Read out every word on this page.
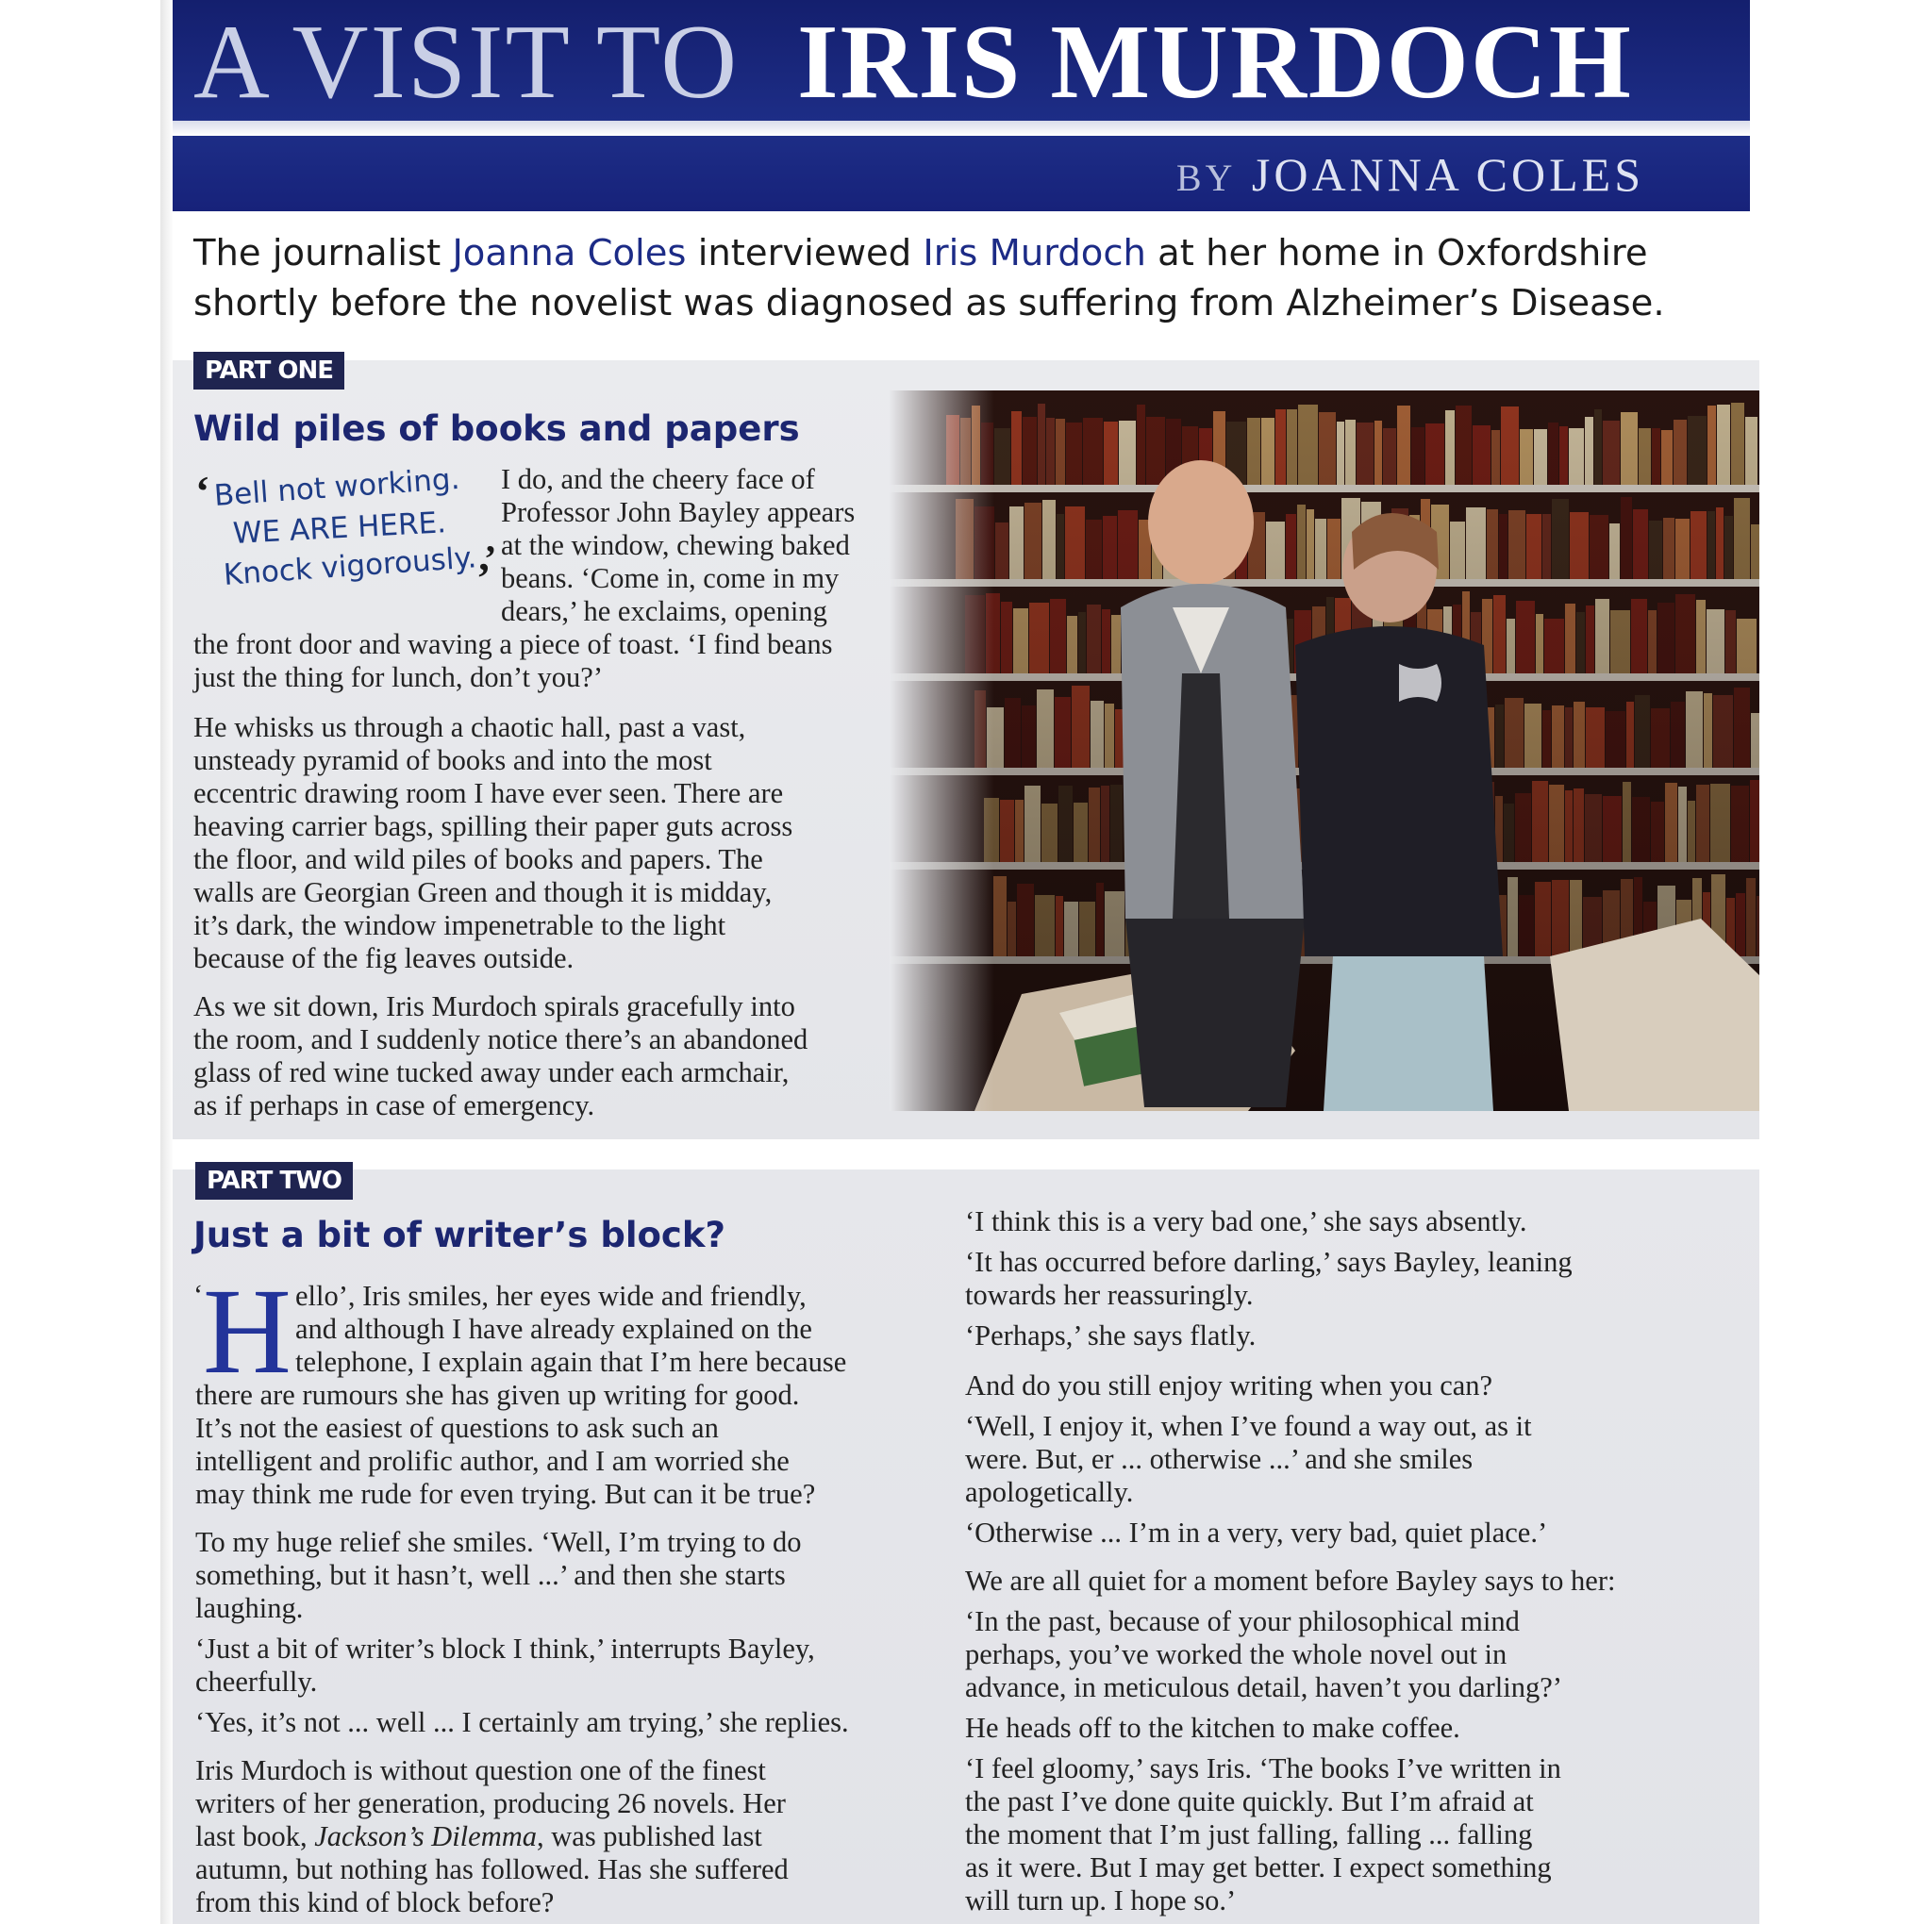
A VISIT TO IRIS MURDOCH
BY JOANNA COLES
The journalist Joanna Coles interviewed Iris Murdoch at her home in Oxfordshire
shortly before the novelist was diagnosed as suffering from Alzheimer’s Disease.
PART ONE
Wild piles of books and papers
‘ Bell not working.
WE ARE HERE.
Knock vigorously.
’
,
I do, and the cheery face of
Professor John Bayley appears
at the window, chewing baked
beans. ‘Come in, come in my
dears,’ he exclaims, opening
the front door and waving a piece of toast. ‘I find beans
just the thing for lunch, don’t you?’
He whisks us through a chaotic hall, past a vast,
unsteady pyramid of books and into the most
eccentric drawing room I have ever seen. There are
heaving carrier bags, spilling their paper guts across
the floor, and wild piles of books and papers. The
walls are Georgian Green and though it is midday,
it’s dark, the window impenetrable to the light
because of the fig leaves outside.
As we sit down, Iris Murdoch spirals gracefully into
the room, and I suddenly notice there’s an abandoned
glass of red wine tucked away under each armchair,
as if perhaps in case of emergency.
PART TWO
Just a bit of writer’s block?
‘ H ello’, Iris smiles, her eyes wide and friendly,
and although I have already explained on the
telephone, I explain again that I’m here because
there are rumours she has given up writing for good.
It’s not the easiest of questions to ask such an
intelligent and prolific author, and I am worried she
may think me rude for even trying. But can it be true?
To my huge relief she smiles. ‘Well, I’m trying to do
something, but it hasn’t, well ...’ and then she starts
laughing.
‘Just a bit of writer’s block I think,’ interrupts Bayley,
cheerfully.
‘Yes, it’s not ... well ... I certainly am trying,’ she replies.
Iris Murdoch is without question one of the finest
writers of her generation, producing 26 novels. Her
last book, Jackson’s Dilemma, was published last
autumn, but nothing has followed. Has she suffered
from this kind of block before?
‘I think this is a very bad one,’ she says absently.
‘It has occurred before darling,’ says Bayley, leaning
towards her reassuringly.
‘Perhaps,’ she says flatly.
And do you still enjoy writing when you can?
‘Well, I enjoy it, when I’ve found a way out, as it
were. But, er ... otherwise ...’ and she smiles
apologetically.
‘Otherwise ... I’m in a very, very bad, quiet place.’
We are all quiet for a moment before Bayley says to her:
‘In the past, because of your philosophical mind
perhaps, you’ve worked the whole novel out in
advance, in meticulous detail, haven’t you darling?’
He heads off to the kitchen to make coffee.
‘I feel gloomy,’ says Iris. ‘The books I’ve written in
the past I’ve done quite quickly. But I’m afraid at
the moment that I’m just falling, falling ... falling
as it were. But I may get better. I expect something
will turn up. I hope so.’
